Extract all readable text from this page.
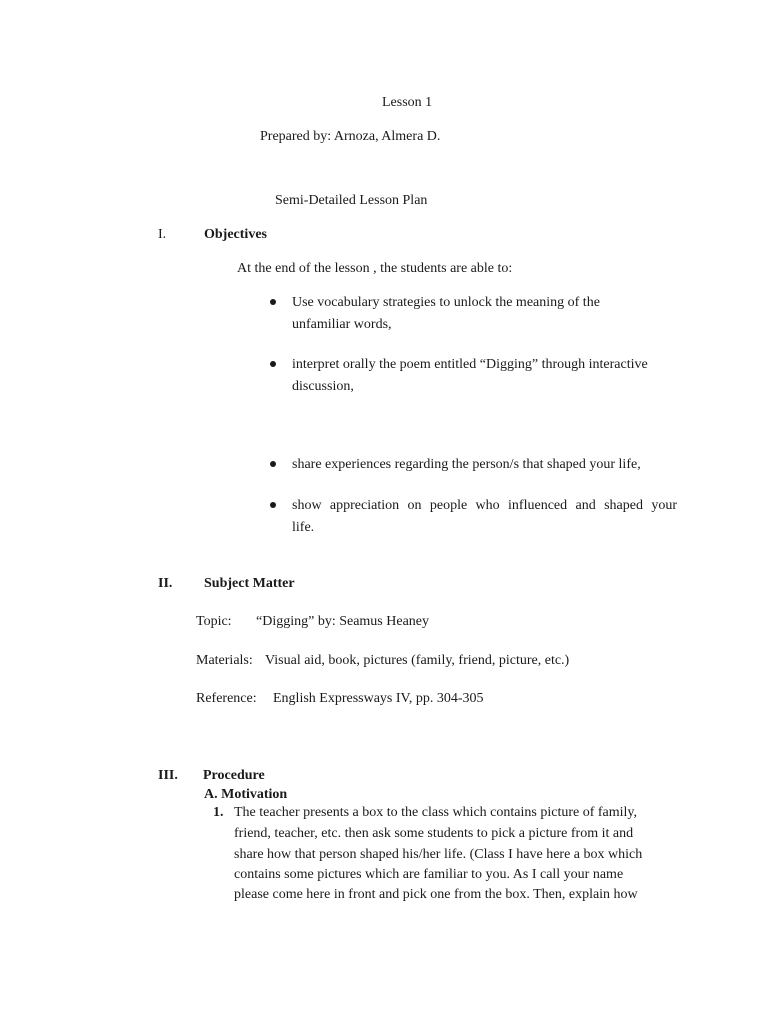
Lesson 1
Prepared by: Arnoza, Almera D.
Semi-Detailed Lesson Plan
I.	Objectives
At the end of the lesson , the students are able to:
Use vocabulary strategies to unlock the meaning of the
unfamiliar words,
interpret orally the poem entitled “Digging” through interactive
discussion,
share experiences regarding the person/s that shaped your life,
show appreciation on people who influenced and shaped your
life.
II. Subject Matter
Topic: “Digging” by: Seamus Heaney
Materials: Visual aid, book, pictures (family, friend, picture, etc.)
Reference: English Expressways IV, pp. 304-305
III. Procedure
A. Motivation
1. The teacher presents a box to the class which contains picture of family,
friend, teacher, etc. then ask some students to pick a picture from it and
share how that person shaped his/her life. (Class I have here a box which
contains some pictures which are familiar to you. As I call your name
please come here in front and pick one from the box. Then, explain how
